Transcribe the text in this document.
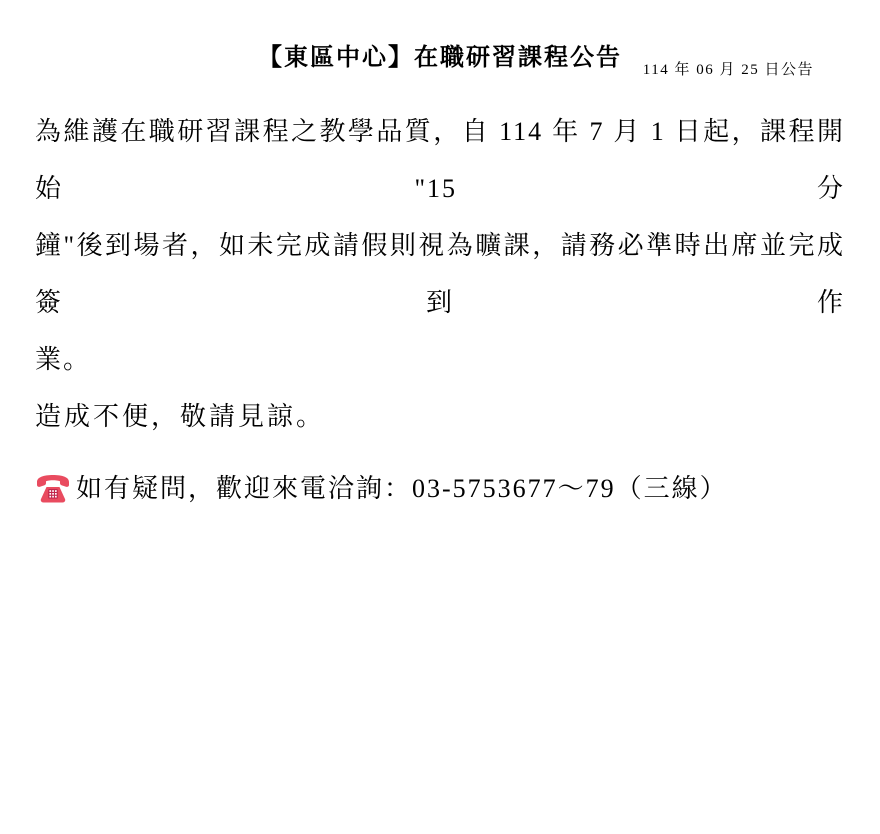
【東區中心】在職研習課程公告	114 年 06 月 25 日公告
為維護在職研習課程之教學品質，自 114 年 7 月 1 日起，課程開始"15 分
鐘"後到場者，如未完成請假則視為曠課，請務必準時出席並完成簽到作
業。
造成不便，敬請見諒。
如有疑問，歡迎來電洽詢：03-5753677～79（三線）
